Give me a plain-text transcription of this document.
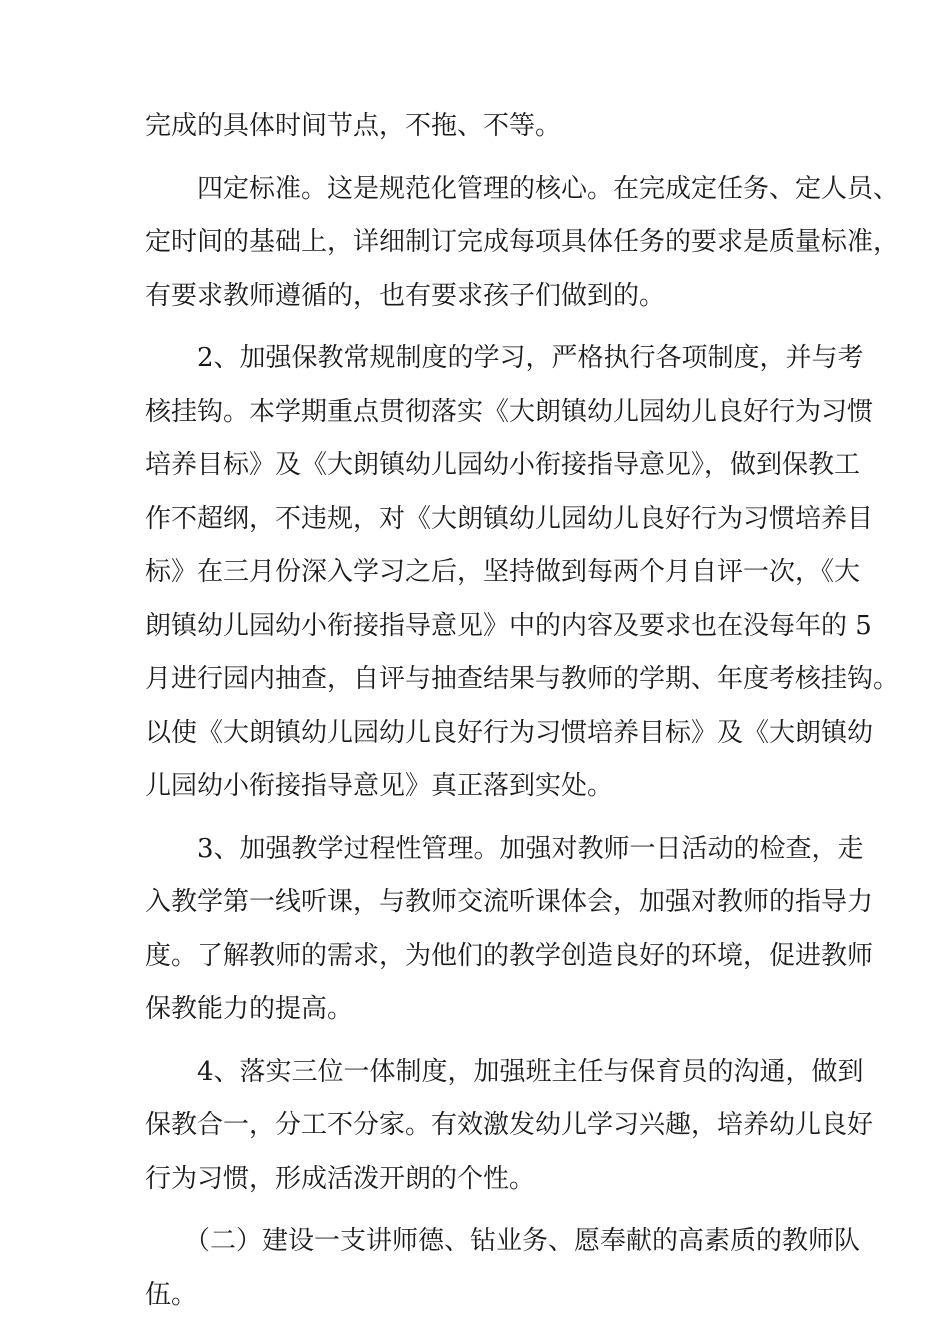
完成的具体时间节点，不拖、不等。
　　四定标准。这是规范化管理的核心。在完成定任务、定人员、
定时间的基础上，详细制订完成每项具体任务的要求是质量标准，
有要求教师遵循的，也有要求孩子们做到的。
　　2、加强保教常规制度的学习，严格执行各项制度，并与考
核挂钩。本学期重点贯彻落实《大朗镇幼儿园幼儿良好行为习惯
培养目标》及《大朗镇幼儿园幼小衔接指导意见》，做到保教工
作不超纲，不违规，对《大朗镇幼儿园幼儿良好行为习惯培养目
标》在三月份深入学习之后，坚持做到每两个月自评一次，《大
朗镇幼儿园幼小衔接指导意见》中的内容及要求也在没每年的 5
月进行园内抽查，自评与抽查结果与教师的学期、年度考核挂钩。
以使《大朗镇幼儿园幼儿良好行为习惯培养目标》及《大朗镇幼
儿园幼小衔接指导意见》真正落到实处。
　　3、加强教学过程性管理。加强对教师一日活动的检查，走
入教学第一线听课，与教师交流听课体会，加强对教师的指导力
度。了解教师的需求，为他们的教学创造良好的环境，促进教师
保教能力的提高。
　　4、落实三位一体制度，加强班主任与保育员的沟通，做到
保教合一，分工不分家。有效激发幼儿学习兴趣，培养幼儿良好
行为习惯，形成活泼开朗的个性。
　　（二）建设一支讲师德、钻业务、愿奉献的高素质的教师队
伍。
